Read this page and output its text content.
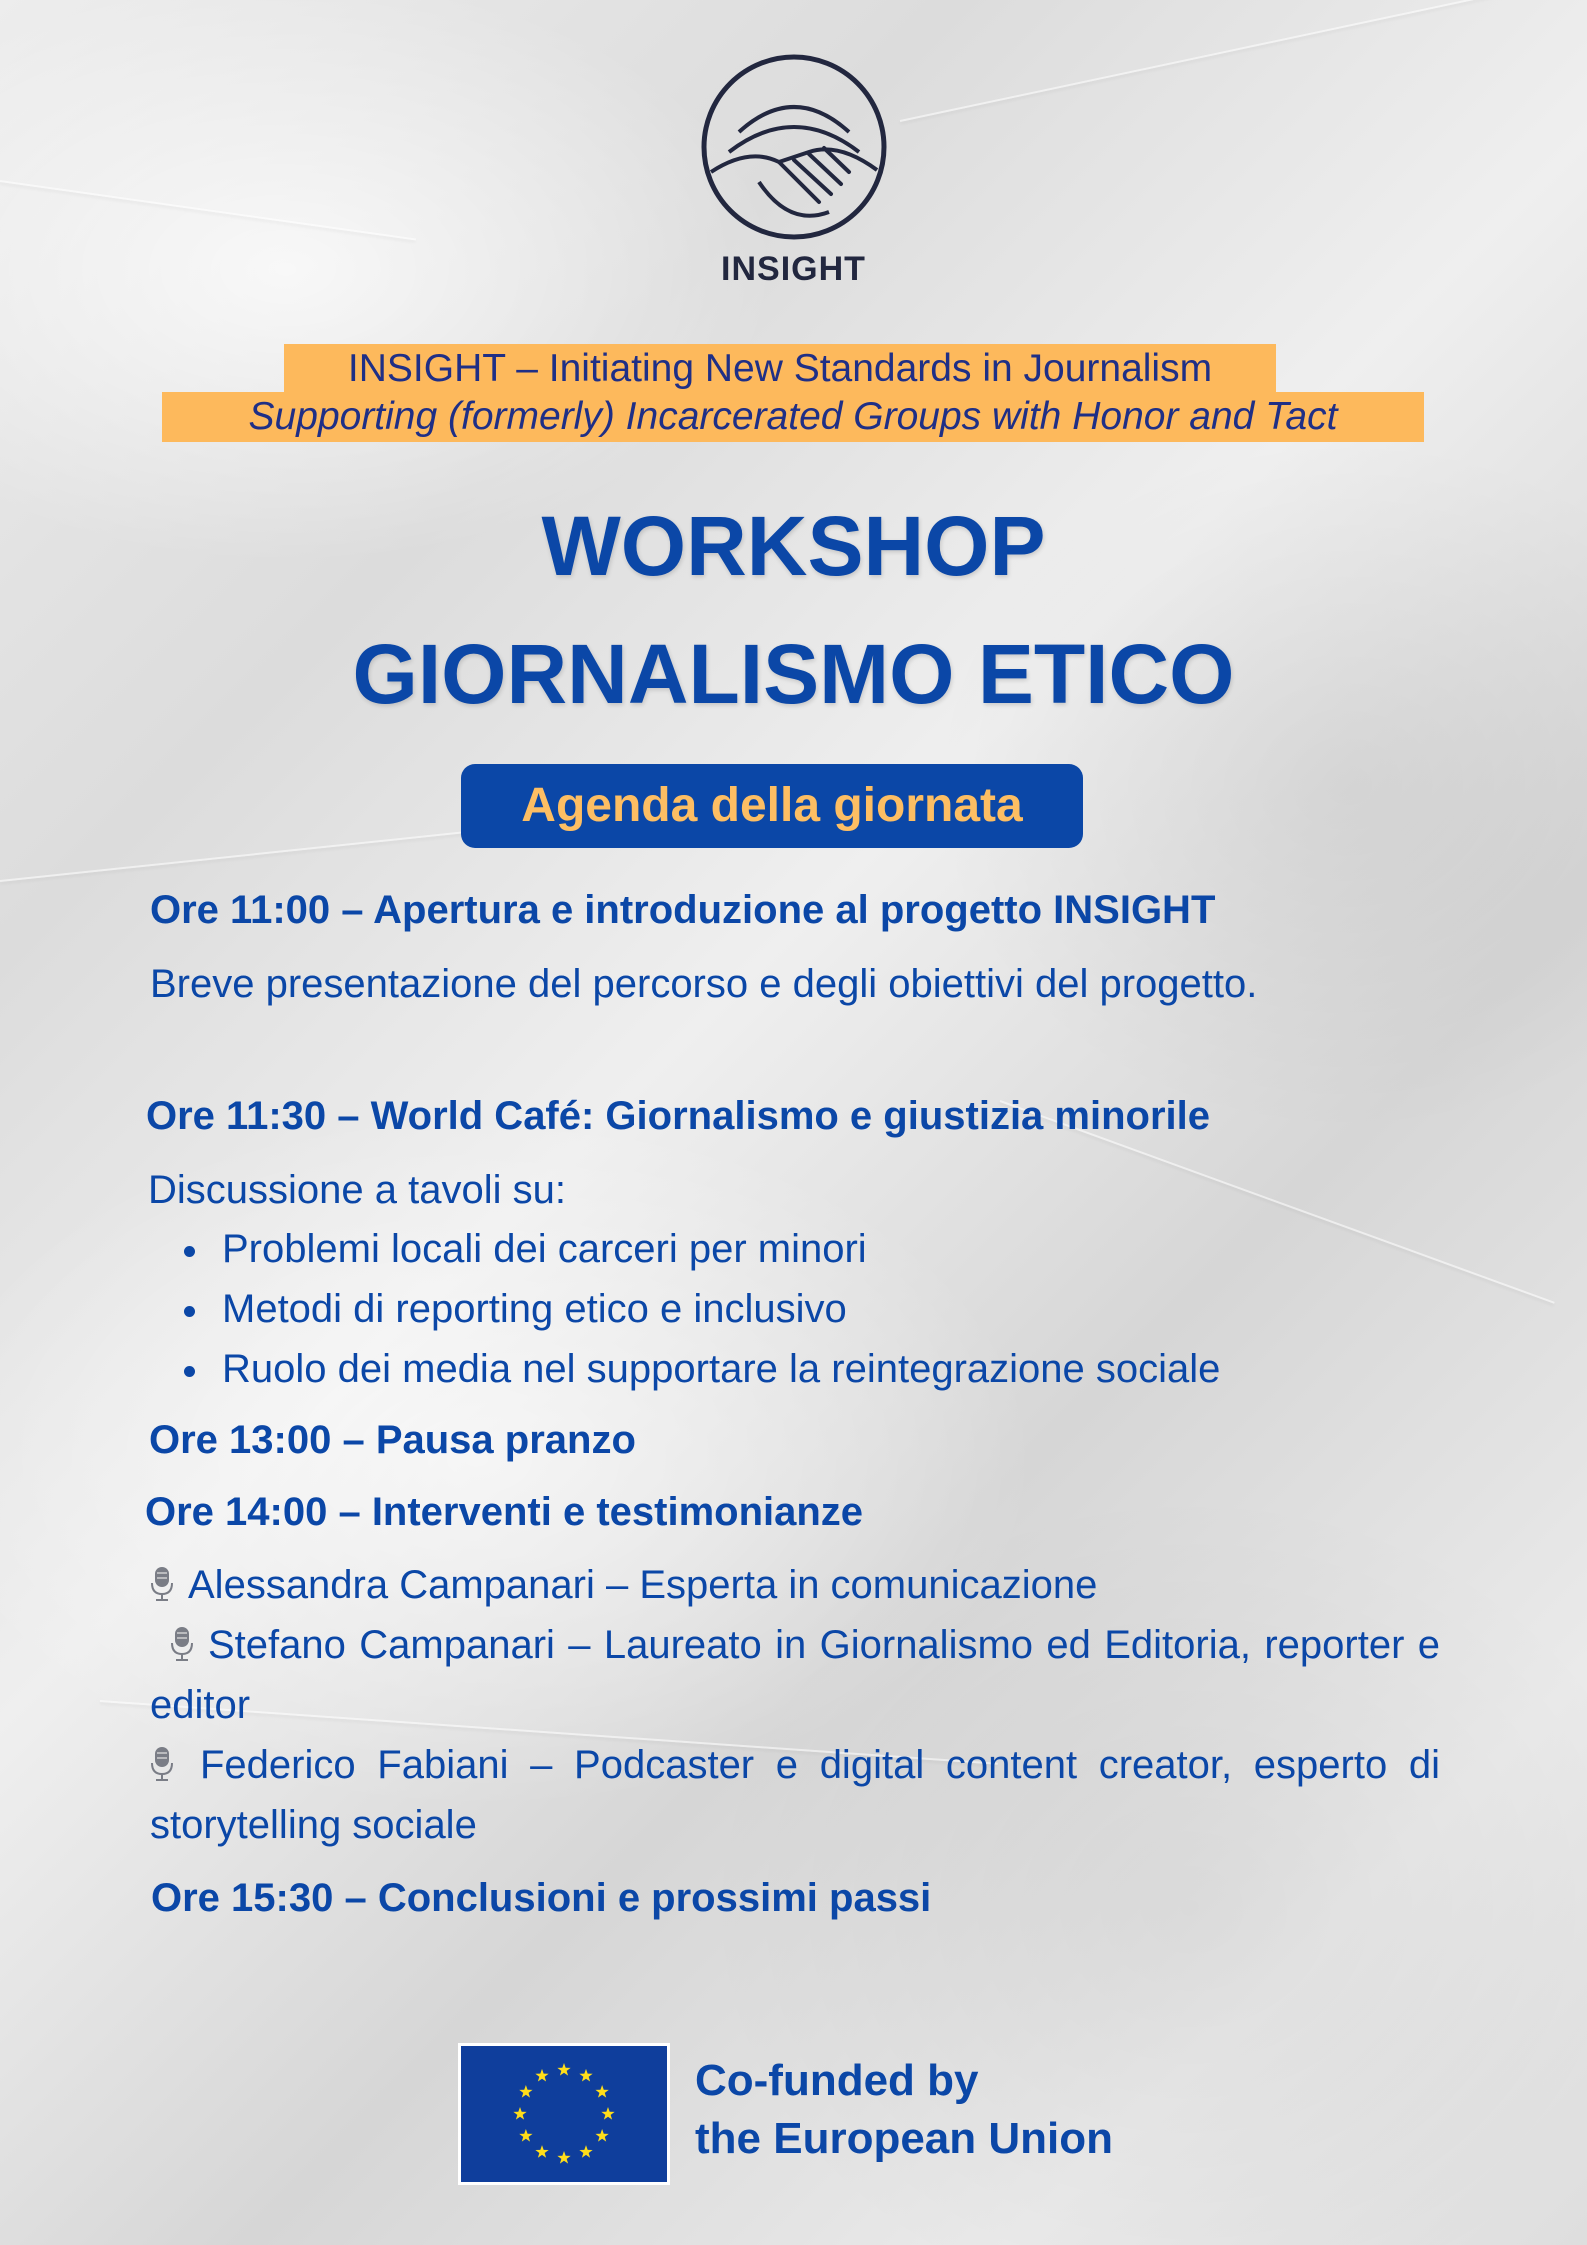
INSIGHT
INSIGHT – Initiating New Standards in Journalism
Supporting (formerly) Incarcerated Groups with Honor and Tact
WORKSHOP
GIORNALISMO ETICO
Agenda della giornata
Ore 11:00 – Apertura e introduzione al progetto INSIGHT
Breve presentazione del percorso e degli obiettivi del progetto.
Ore 11:30 – World Café: Giornalismo e giustizia minorile
Discussione a tavoli su:
Problemi locali dei carceri per minori
Metodi di reporting etico e inclusivo
Ruolo dei media nel supportare la reintegrazione sociale
Ore 13:00 – Pausa pranzo
Ore 14:00 – Interventi e testimonianze
Alessandra Campanari – Esperta in comunicazione
Stefano Campanari – Laureato in Giornalismo ed Editoria, reporter e editor
Federico Fabiani – Podcaster e digital content creator, esperto di storytelling sociale
Ore 15:30 – Conclusioni e prossimi passi
Co-funded by
the European Union
